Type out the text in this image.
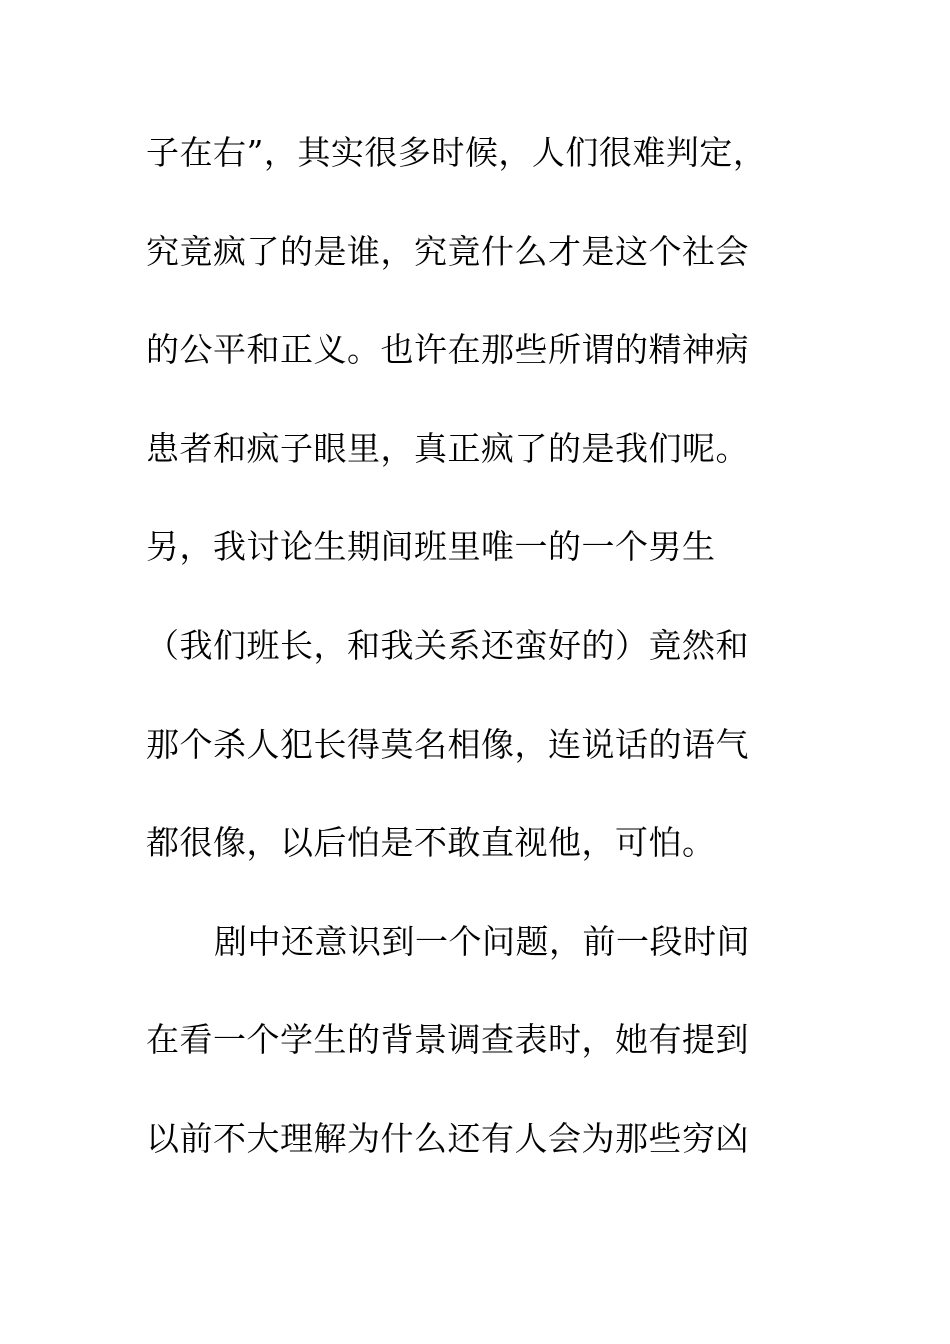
子在右”，其实很多时候，人们很难判定，
究竟疯了的是谁，究竟什么才是这个社会
的公平和正义。也许在那些所谓的精神病
患者和疯子眼里，真正疯了的是我们呢。
另，我讨论生期间班里唯一的一个男生
（我们班长，和我关系还蛮好的）竟然和
那个杀人犯长得莫名相像，连说话的语气
都很像，以后怕是不敢直视他，可怕。
剧中还意识到一个问题，前一段时间
在看一个学生的背景调查表时，她有提到
以前不大理解为什么还有人会为那些穷凶
